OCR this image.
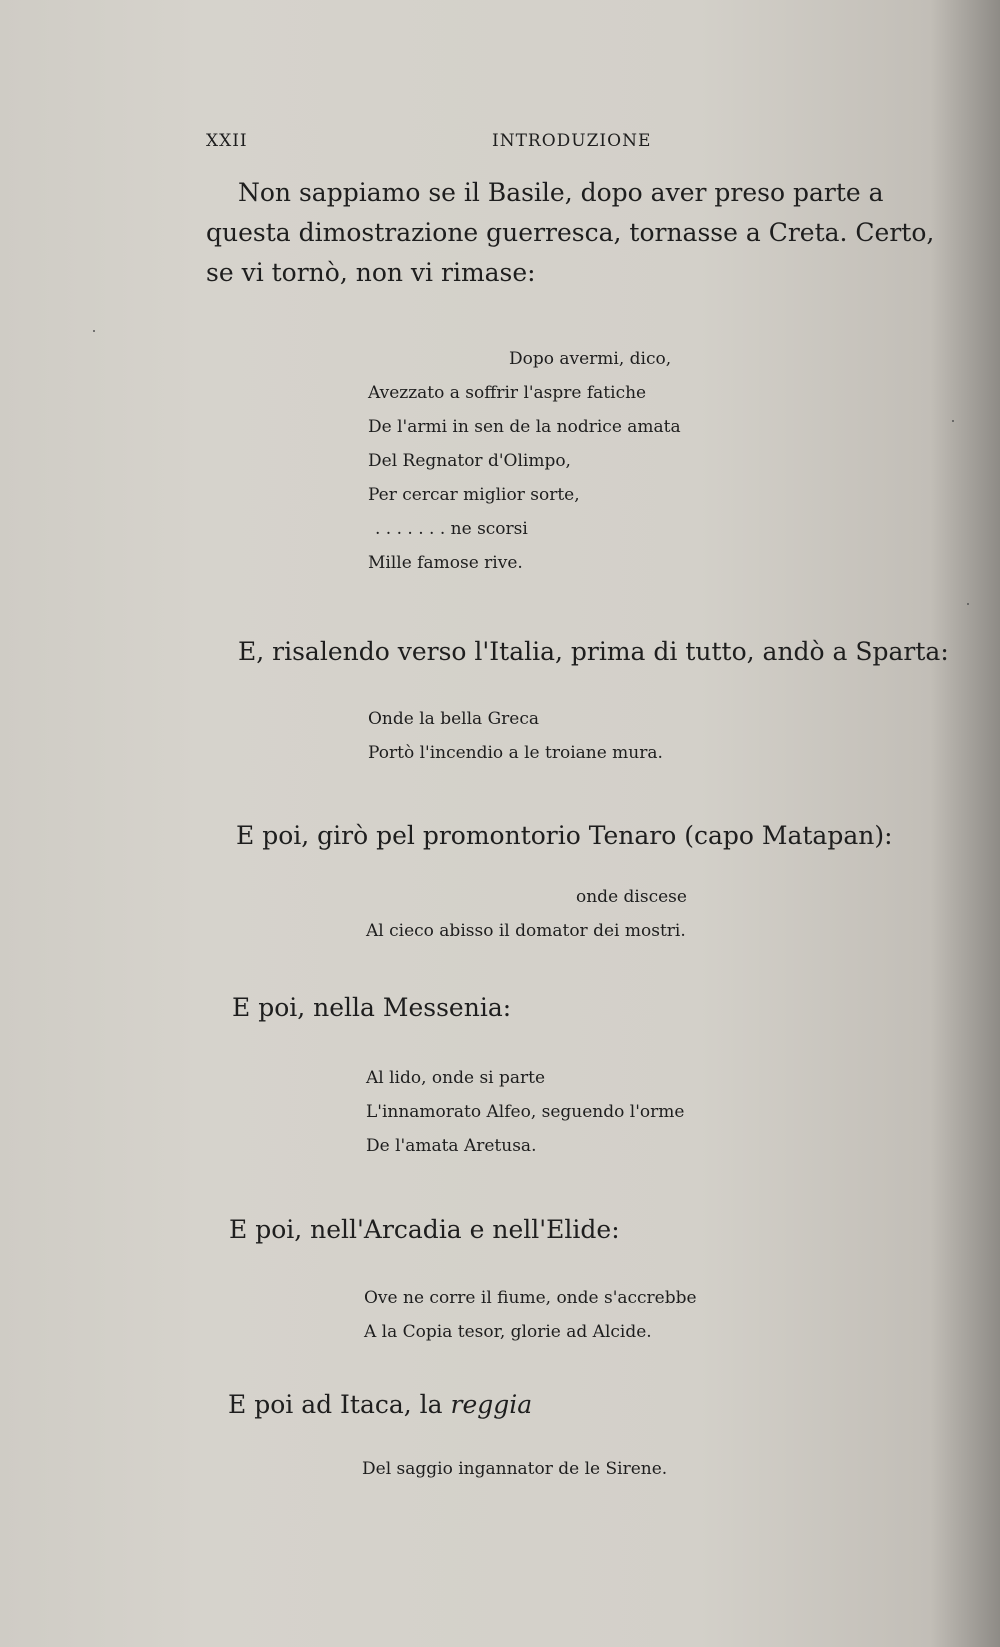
XXII	INTRODUZIONE
Non sappiamo se il Basile, dopo aver preso parte a
questa dimostrazione guerresca, tornasse a Creta. Certo,
se vi tornò, non vi rimase:
Dopo avermi, dico,
Avezzato a soffrir l'aspre fatiche
De l'armi in sen de la nodrice amata
Del Regnator d'Olimpo,
Per cercar miglior sorte,
. . . . . . . ne scorsi
Mille famose rive.
E, risalendo verso l'Italia, prima di tutto, andò a Sparta:
Onde la bella Greca
Portò l'incendio a le troiane mura.
E poi, girò pel promontorio Tenaro (capo Matapan):
onde discese
Al cieco abisso il domator dei mostri.
E poi, nella Messenia:
Al lido, onde si parte
L'innamorato Alfeo, seguendo l'orme
De l'amata Aretusa.
E poi, nell'Arcadia e nell'Elide:
Ove ne corre il fiume, onde s'accrebbe
A la Copia tesor, glorie ad Alcide.
E poi ad Itaca, la reggia
Del saggio ingannator de le Sirene.
